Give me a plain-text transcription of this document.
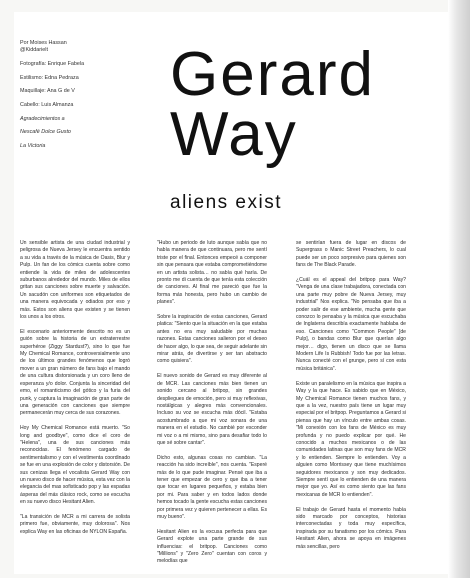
Por Moises Hassan
@Kiddarielt

Fotografía: Enrique Fabela

Estilismo: Edna Pedraza

Maquillaje: Ana G de V

Cabello: Luis Almanza

Agradecimientos a

Nescafé Dolce Gusto

La Victoria

Gerard
Way
aliens exist

Un sensible artista de una ciudad industrial y peligrosa de Nueva Jersey le encuentra sentido a su vida a través de la música de Oasis, Blur y Pulp. Un fan de los cómics cuenta sobre como entiende la vida de miles de adolescentes suburbanos alrededor del mundo. Miles de ellos gritan sus canciones sobre muerte y salvación. Un sacudón con uniformes son etiquetados de una manera equivocada y odiados por eso y más. Estos son aliens que existen y se tienen los unos a los otros.

El escenario anteriormente descrito no es un guión sobre la historia de un extraterrestre superhéroe (Ziggy Stardust?), sino lo que fue My Chemical Romance, controversialmente uno de los últimos grandes fenómenos que logró mover a un gran número de fans bajo el mando de una cultura distorsionada y un coro lleno de esperanza y/o dolor. Conjunta la sinceridad del emo, el romanticismo del gótico y la furia del punk, y captura la imaginación de gran parte de una generación con canciones que siempre permanecerán muy cerca de sus corazones.

Hoy My Chemical Romance está muerto. "So long and goodbye", como dice el coro de "Helena", una de sus canciones más reconocidas. El fenómeno cargado de sentimentalismo y con el vestimenta coordinado se fue en una explosión de color y distorsión. De sus cenizas llega el vocalista Gerard Way con un nuevo disco de hacer música, esta vez con la elegancia del mas sofisticado pop y las espadas ásperas del más clásico rock, como se escucha en su nuevo disco Hesitant Alien.

"La transición de MCR a mi carrera de solista primero fue, obviamente, muy dolorosa". Nos explica Way en las oficinas de NYLON España.

"Hubo un periodo de luto aunque sabía que no había manera de que continuara, pero me sentí triste por el final. Entonces empecé a componer sin que pensara que estaba comprometiéndome en un artista solista… no sabía qué haría. De pronto me di cuenta de que tenía esta colección de canciones. Al final me pareció que fue la forma más honesta, pero hubo un cambio de planes".

Sobre la inspiración de estas canciones, Gerard platica: "Siento que la situación en la que estaba antes no era muy saludable por muchas razones. Estas canciones salieron por el deseo de hacer algo, lo que sea, de seguir adelante sin mirar atrás, de divertirse y ser tan abstracto como quisiera".

El nuevo sonido de Gerard es muy diferente al de MCR. Las canciones más bien tienen un sonido cercano al britpop, sin grandes despliegues de emoción, pero si muy reflexivas, nostálgicas y alegres más convencionales. Incluso su voz se escucha más dócil. "Estaba acostumbrado a que mi voz sonara de una manera en el estudio. No cambié por esconder mi voz o a mi mismo, sino para desafiar todo lo que sé sobre cantar".

Dicho esto, algunas cosas no cambian. "La reacción ha sido increíble", nos cuenta. "Esperé más de lo que pude imaginar. Pensé que iba a tener que empezar de cero y que iba a tener que tocar en lugares pequeños, y estaba bien por mi. Para saber y en todos lados donde hemos tocado la gente escucha estas canciones por primera vez y quieren pertenecer a ellas. Es muy bueno".

Hesitant Alien es la excusa perfecta para que Gerard explote una parte grande de sus influencias: el britpop. Canciones como "Millions" y "Zero Zero" cuentan con coros y melodías que

se sentirían fuera de lugar en discos de Supergrass o Manic Street Preachers, lo cual puede ser un poco sorpresivo para quienes son fans de The Black Parade.

¿Cuál es el appeal del britpop para Way? "Venga de una clase trabajadora, conectada con una parte muy pobre de Nueva Jersey, muy industrial" Nos explica. "No pensaba que iba a poder salir de ese ambiente, mucha gente que conozco lo pensaba y la música que escuchaba de Inglaterra describía exactamente hablaba de eso. Canciones como "Common People" [de Pulp], o bandas como Blur que querían algo mejor… digo, tienen un disco que se llama Modern Life Is Rubbish! Todo fue por las letras. Nunca conecté con el grunge, pero sí con esta música británica".

Existe un paralelismo en la música que inspira a Way y la que hace. Es sabido que en México, My Chemical Romance tienen muchos fans, y que a la vez, nuestro país tiene un lugar muy especial por el britpop. Preguntamos a Gerard si piensa que hay un vínculo entre ambas cosas. "Mi conexión con los fans de México es muy profunda y no puedo explicar por qué. He conocido a muchos mexicanos o de las comunidades latinas que son muy fans de MCR y lo entienden. Siempre lo entienden. Voy a alguien como Morrissey que tiene muchísimos seguidores mexicanos y son muy dedicados. Siempre sentí que lo entienden de una manera mejor que yo. Así es como siento que las fans mexicanas de MCR lo entienden".

El trabajo de Gerard hasta el momento había sido marcado por conceptos, historias interconectadas y toda muy específica, inspirada por su fanatismo por los cómics. Para Hesitant Alien, ahora se apoya en imágenes más sencillas, pero
